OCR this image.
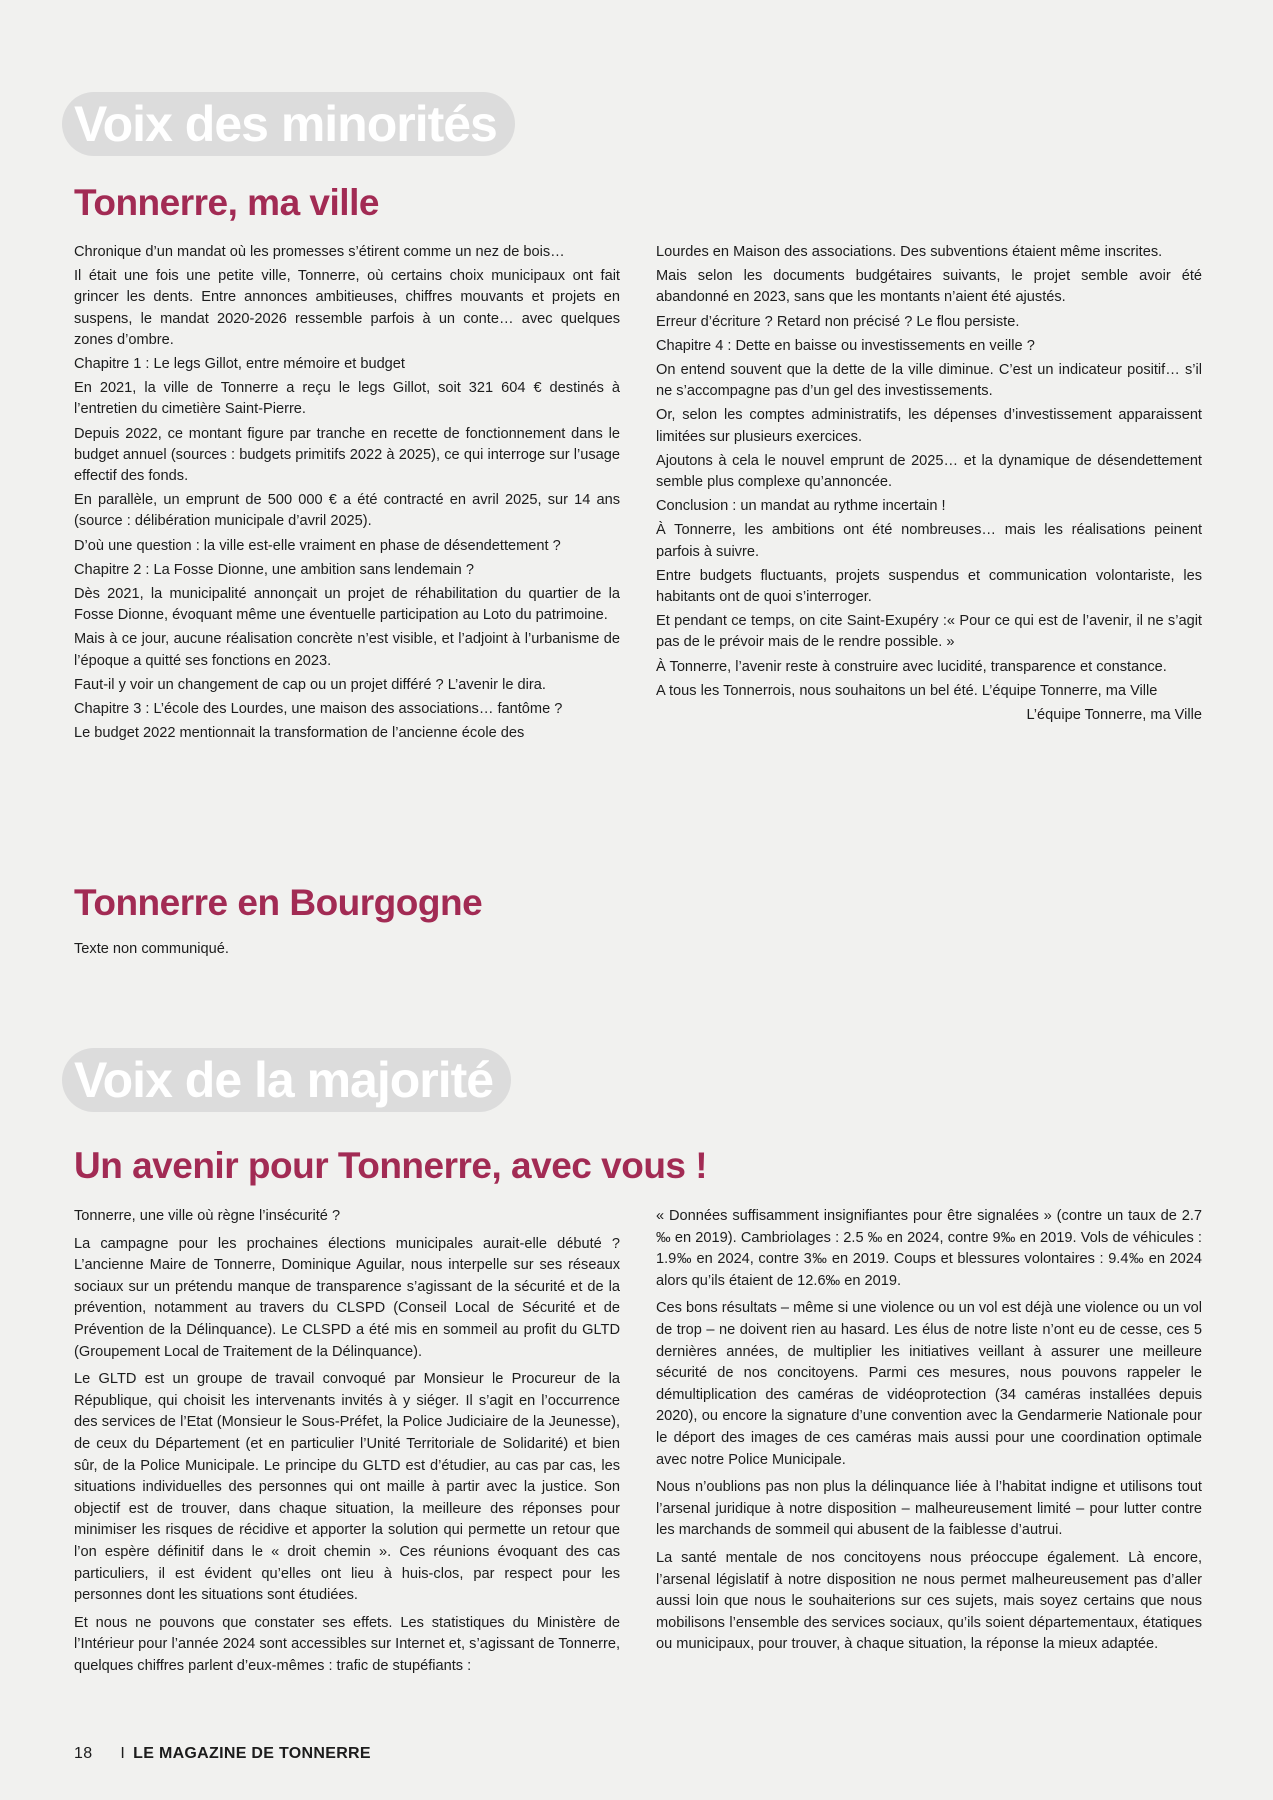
Voix des minorités
Tonnerre, ma ville

Chronique d’un mandat où les promesses s’étirent comme un nez de bois…

Il était une fois une petite ville, Tonnerre, où certains choix municipaux ont fait grincer les dents. Entre annonces ambitieuses, chiffres mouvants et projets en suspens, le mandat 2020-2026 ressemble parfois à un conte… avec quelques zones d’ombre.

Chapitre 1 : Le legs Gillot, entre mémoire et budget

En 2021, la ville de Tonnerre a reçu le legs Gillot, soit 321 604 € destinés à l’entretien du cimetière Saint-Pierre.

Depuis 2022, ce montant figure par tranche en recette de fonctionnement dans le budget annuel (sources : budgets primitifs 2022 à 2025), ce qui interroge sur l’usage effectif des fonds.

En parallèle, un emprunt de 500 000 € a été contracté en avril 2025, sur 14 ans (source : délibération municipale d’avril 2025).

D’où une question : la ville est-elle vraiment en phase de désendettement ?

Chapitre 2 : La Fosse Dionne, une ambition sans lendemain ?

Dès 2021, la municipalité annonçait un projet de réhabilitation du quartier de la Fosse Dionne, évoquant même une éventuelle participation au Loto du patrimoine.

Mais à ce jour, aucune réalisation concrète n’est visible, et l’adjoint à l’urbanisme de l’époque a quitté ses fonctions en 2023.

Faut-il y voir un changement de cap ou un projet différé ? L’avenir le dira.

Chapitre 3 : L’école des Lourdes, une maison des associations… fantôme ?

Le budget 2022 mentionnait la transformation de l’ancienne école des

Lourdes en Maison des associations. Des subventions étaient même inscrites.

Mais selon les documents budgétaires suivants, le projet semble avoir été abandonné en 2023, sans que les montants n’aient été ajustés.

Erreur d’écriture ? Retard non précisé ? Le flou persiste.

Chapitre 4 : Dette en baisse ou investissements en veille ?

On entend souvent que la dette de la ville diminue. C’est un indicateur positif… s’il ne s’accompagne pas d’un gel des investissements.

Or, selon les comptes administratifs, les dépenses d’investissement apparaissent limitées sur plusieurs exercices.

Ajoutons à cela le nouvel emprunt de 2025… et la dynamique de désendettement semble plus complexe qu’annoncée.

Conclusion : un mandat au rythme incertain !

À Tonnerre, les ambitions ont été nombreuses… mais les réalisations peinent parfois à suivre.

Entre budgets fluctuants, projets suspendus et communication volontariste, les habitants ont de quoi s’interroger.

Et pendant ce temps, on cite Saint-Exupéry :« Pour ce qui est de l’avenir, il ne s’agit pas de le prévoir mais de le rendre possible. »

À Tonnerre, l’avenir reste à construire avec lucidité, transparence et constance.

A tous les Tonnerrois, nous souhaitons un bel été. L’équipe Tonnerre, ma Ville

L’équipe Tonnerre, ma Ville

Tonnerre en Bourgogne
Texte non communiqué.
Voix de la majorité
Un avenir pour Tonnerre, avec vous !

Tonnerre, une ville où règne l’insécurité ?

La campagne pour les prochaines élections municipales aurait-elle débuté ? L’ancienne Maire de Tonnerre, Dominique Aguilar, nous interpelle sur ses réseaux sociaux sur un prétendu manque de transparence s’agissant de la sécurité et de la prévention, notamment au travers du CLSPD (Conseil Local de Sécurité et de Prévention de la Délinquance). Le CLSPD a été mis en sommeil au profit du GLTD (Groupement Local de Traitement de la Délinquance).

Le GLTD est un groupe de travail convoqué par Monsieur le Procureur de la République, qui choisit les intervenants invités à y siéger. Il s’agit en l’occurrence des services de l’Etat (Monsieur le Sous-Préfet, la Police Judiciaire de la Jeunesse), de ceux du Département (et en particulier l’Unité Territoriale de Solidarité) et bien sûr, de la Police Municipale. Le principe du GLTD est d’étudier, au cas par cas, les situations individuelles des personnes qui ont maille à partir avec la justice. Son objectif est de trouver, dans chaque situation, la meilleure des réponses pour minimiser les risques de récidive et apporter la solution qui permette un retour que l’on espère définitif dans le « droit chemin ». Ces réunions évoquant des cas particuliers, il est évident qu’elles ont lieu à huis-clos, par respect pour les personnes dont les situations sont étudiées.

Et nous ne pouvons que constater ses effets. Les statistiques du Ministère de l’Intérieur pour l’année 2024 sont accessibles sur Internet et, s’agissant de Tonnerre, quelques chiffres parlent d’eux-mêmes : trafic de stupéfiants :

« Données suffisamment insignifiantes pour être signalées » (contre un taux de 2.7 ‰ en 2019). Cambriolages : 2.5 ‰ en 2024, contre 9‰ en 2019. Vols de véhicules : 1.9‰ en 2024, contre 3‰ en 2019. Coups et blessures volontaires : 9.4‰ en 2024 alors qu’ils étaient de 12.6‰ en 2019.

Ces bons résultats – même si une violence ou un vol est déjà une violence ou un vol de trop – ne doivent rien au hasard. Les élus de notre liste n’ont eu de cesse, ces 5 dernières années, de multiplier les initiatives veillant à assurer une meilleure sécurité de nos concitoyens. Parmi ces mesures, nous pouvons rappeler le démultiplication des caméras de vidéoprotection (34 caméras installées depuis 2020), ou encore la signature d’une convention avec la Gendarmerie Nationale pour le déport des images de ces caméras mais aussi pour une coordination optimale avec notre Police Municipale.

Nous n’oublions pas non plus la délinquance liée à l’habitat indigne et utilisons tout l’arsenal juridique à notre disposition – malheureusement limité – pour lutter contre les marchands de sommeil qui abusent de la faiblesse d’autrui.

La santé mentale de nos concitoyens nous préoccupe également. Là encore, l’arsenal législatif à notre disposition ne nous permet malheureusement pas d’aller aussi loin que nous le souhaiterions sur ces sujets, mais soyez certains que nous mobilisons l’ensemble des services sociaux, qu’ils soient départementaux, étatiques ou municipaux, pour trouver, à chaque situation, la réponse la mieux adaptée.

18 I LE MAGAZINE DE TONNERRE
